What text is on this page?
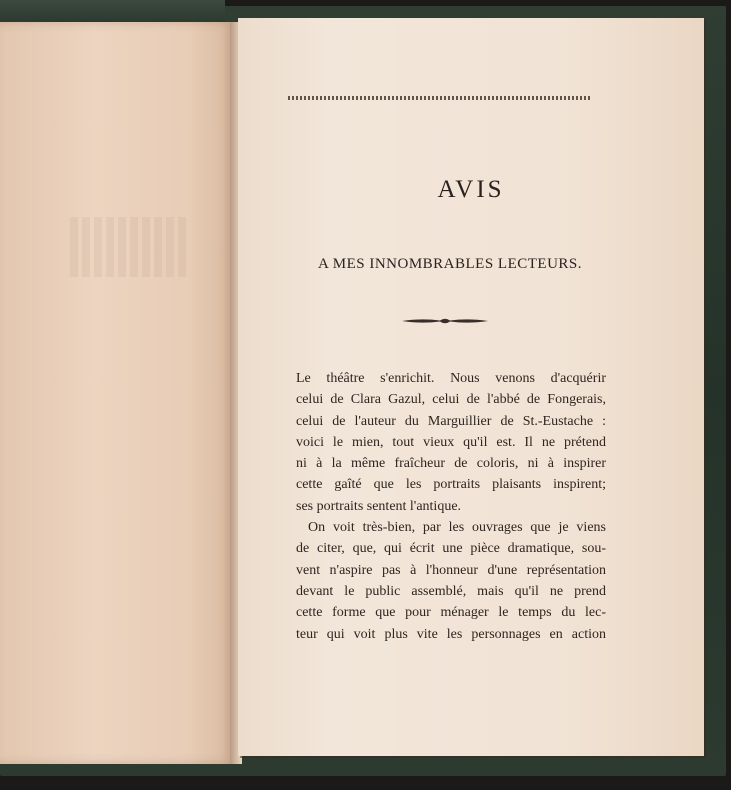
AVIS
A MES INNOMBRABLES LECTEURS.
Le théâtre s'enrichit. Nous venons d'acquérir
celui de Clara Gazul, celui de l'abbé de Fongerais,
celui de l'auteur du Marguillier de St.-Eustache :
voici le mien, tout vieux qu'il est. Il ne prétend
ni à la même fraîcheur de coloris, ni à inspirer
cette gaîté que les portraits plaisants inspirent;
ses portraits sentent l'antique.
On voit très-bien, par les ouvrages que je viens
de citer, que, qui écrit une pièce dramatique, sou-
vent n'aspire pas à l'honneur d'une représentation
devant le public assemblé, mais qu'il ne prend
cette forme que pour ménager le temps du lec-
teur qui voit plus vite les personnages en action
